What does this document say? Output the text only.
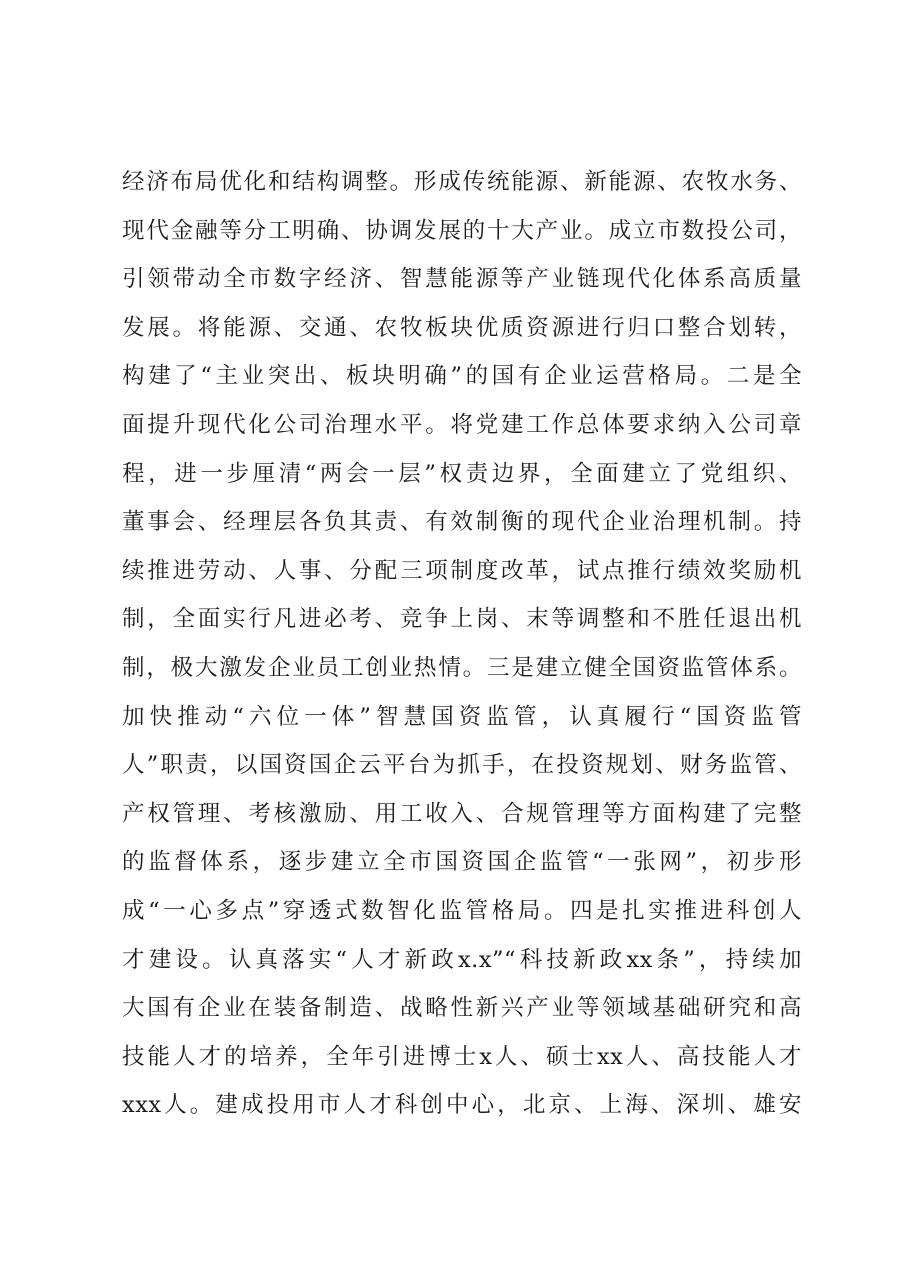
经济布局优化和结构调整。形成传统能源、新能源、农牧水务、
现代金融等分工明确、协调发展的十大产业。成立市数投公司，
引领带动全市数字经济、智慧能源等产业链现代化体系高质量
发展。将能源、交通、农牧板块优质资源进行归口整合划转，
构建了“主业突出、板块明确”的国有企业运营格局。二是全
面提升现代化公司治理水平。将党建工作总体要求纳入公司章
程，进一步厘清“两会一层”权责边界，全面建立了党组织、
董事会、经理层各负其责、有效制衡的现代企业治理机制。持
续推进劳动、人事、分配三项制度改革，试点推行绩效奖励机
制，全面实行凡进必考、竞争上岗、末等调整和不胜任退出机
制，极大激发企业员工创业热情。三是建立健全国资监管体系。
加快推动“六位一体”智慧国资监管，认真履行“国资监管
人”职责，以国资国企云平台为抓手，在投资规划、财务监管、
产权管理、考核激励、用工收入、合规管理等方面构建了完整
的监督体系，逐步建立全市国资国企监管“一张网”，初步形
成“一心多点”穿透式数智化监管格局。四是扎实推进科创人
才建设。认真落实“人才新政x.x”“科技新政xx条”，持续加
大国有企业在装备制造、战略性新兴产业等领域基础研究和高
技能人才的培养，全年引进博士x人、硕士xx人、高技能人才
xxx人。建成投用市人才科创中心，北京、上海、深圳、雄安
